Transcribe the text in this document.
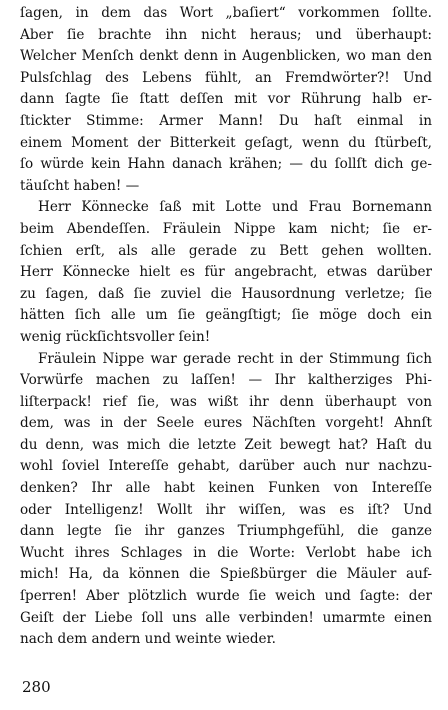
ſagen, in dem das Wort „baſiert“ vorkommen ſollte.
Aber ſie brachte ihn nicht heraus; und überhaupt:
Welcher Menſch denkt denn in Augenblicken, wo man den
Pulsſchlag des Lebens fühlt, an Fremdwörter?! Und
dann ſagte ſie ſtatt deſſen mit vor Rührung halb er-
ſtickter Stimme: Armer Mann! Du haſt einmal in
einem Moment der Bitterkeit geſagt, wenn du ſtürbeſt,
ſo würde kein Hahn danach krähen; — du ſollſt dich ge-
täuſcht haben! —
Herr Könnecke ſaß mit Lotte und Frau Bornemann
beim Abendeſſen. Fräulein Nippe kam nicht; ſie er-
ſchien erſt, als alle gerade zu Bett gehen wollten.
Herr Könnecke hielt es für angebracht, etwas darüber
zu ſagen, daß ſie zuviel die Hausordnung verletze; ſie
hätten ſich alle um ſie geängſtigt; ſie möge doch ein
wenig rückſichtsvoller ſein!
Fräulein Nippe war gerade recht in der Stimmung ſich
Vorwürfe machen zu laſſen! — Ihr kaltherziges Phi-
liſterpack! rief ſie, was wißt ihr denn überhaupt von
dem, was in der Seele eures Nächſten vorgeht! Ahnſt
du denn, was mich die letzte Zeit bewegt hat? Haſt du
wohl ſoviel Intereſſe gehabt, darüber auch nur nachzu-
denken? Ihr alle habt keinen Funken von Intereſſe
oder Intelligenz! Wollt ihr wiſſen, was es iſt? Und
dann legte ſie ihr ganzes Triumphgefühl, die ganze
Wucht ihres Schlages in die Worte: Verlobt habe ich
mich! Ha, da können die Spießbürger die Mäuler auf-
ſperren! Aber plötzlich wurde ſie weich und ſagte: der
Geiſt der Liebe ſoll uns alle verbinden! umarmte einen
nach dem andern und weinte wieder.
280
